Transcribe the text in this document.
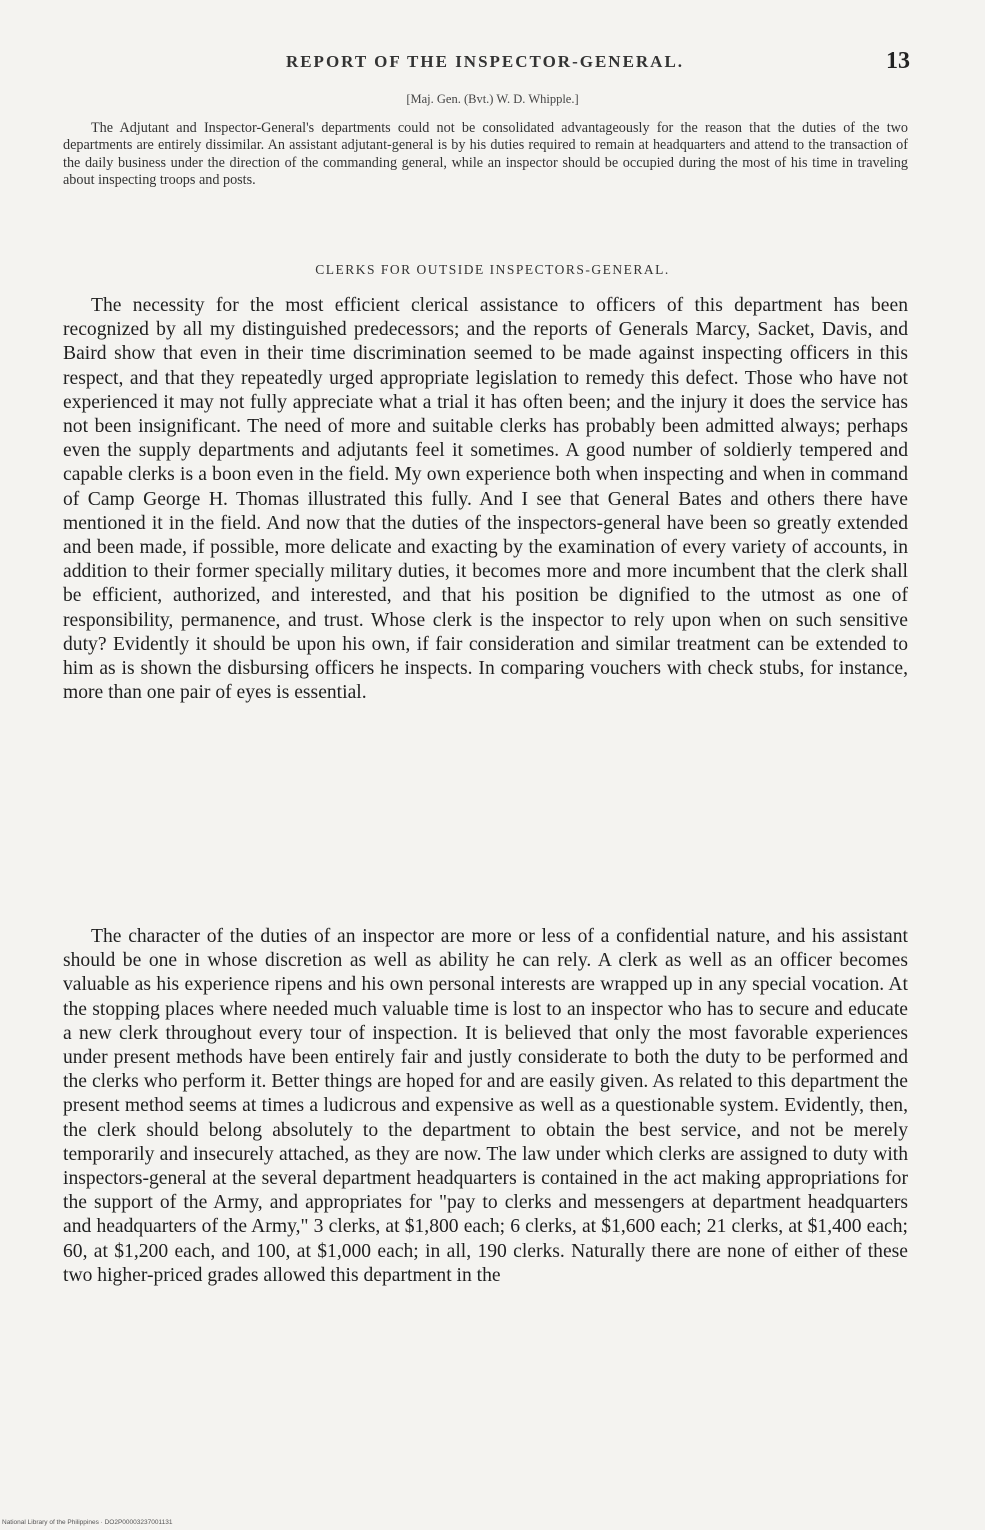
REPORT OF THE INSPECTOR-GENERAL.	13
[Maj. Gen. (Bvt.) W. D. Whipple.]
The Adjutant and Inspector-General's departments could not be consolidated advantageously for the reason that the duties of the two departments are entirely dissimilar. An assistant adjutant-general is by his duties required to remain at headquarters and attend to the transaction of the daily business under the direction of the commanding general, while an inspector should be occupied during the most of his time in traveling about inspecting troops and posts.
CLERKS FOR OUTSIDE INSPECTORS-GENERAL.
The necessity for the most efficient clerical assistance to officers of this department has been recognized by all my distinguished predecessors; and the reports of Generals Marcy, Sacket, Davis, and Baird show that even in their time discrimination seemed to be made against inspecting officers in this respect, and that they repeatedly urged appropriate legislation to remedy this defect. Those who have not experienced it may not fully appreciate what a trial it has often been; and the injury it does the service has not been insignificant. The need of more and suitable clerks has probably been admitted always; perhaps even the supply departments and adjutants feel it sometimes. A good number of soldierly tempered and capable clerks is a boon even in the field. My own experience both when inspecting and when in command of Camp George H. Thomas illustrated this fully. And I see that General Bates and others there have mentioned it in the field. And now that the duties of the inspectors-general have been so greatly extended and been made, if possible, more delicate and exacting by the examination of every variety of accounts, in addition to their former specially military duties, it becomes more and more incumbent that the clerk shall be efficient, authorized, and interested, and that his position be dignified to the utmost as one of responsibility, permanence, and trust. Whose clerk is the inspector to rely upon when on such sensitive duty? Evidently it should be upon his own, if fair consideration and similar treatment can be extended to him as is shown the disbursing officers he inspects. In comparing vouchers with check stubs, for instance, more than one pair of eyes is essential.
The character of the duties of an inspector are more or less of a confidential nature, and his assistant should be one in whose discretion as well as ability he can rely. A clerk as well as an officer becomes valuable as his experience ripens and his own personal interests are wrapped up in any special vocation. At the stopping places where needed much valuable time is lost to an inspector who has to secure and educate a new clerk throughout every tour of inspection. It is believed that only the most favorable experiences under present methods have been entirely fair and justly considerate to both the duty to be performed and the clerks who perform it. Better things are hoped for and are easily given. As related to this department the present method seems at times a ludicrous and expensive as well as a questionable system. Evidently, then, the clerk should belong absolutely to the department to obtain the best service, and not be merely temporarily and insecurely attached, as they are now. The law under which clerks are assigned to duty with inspectors-general at the several department headquarters is contained in the act making appropriations for the support of the Army, and appropriates for "pay to clerks and messengers at department headquarters and headquarters of the Army," 3 clerks, at $1,800 each; 6 clerks, at $1,600 each; 21 clerks, at $1,400 each; 60, at $1,200 each, and 100, at $1,000 each; in all, 190 clerks. Naturally there are none of either of these two higher-priced grades allowed this department in the
National Library of the Philippines · DO2P00003237001131
